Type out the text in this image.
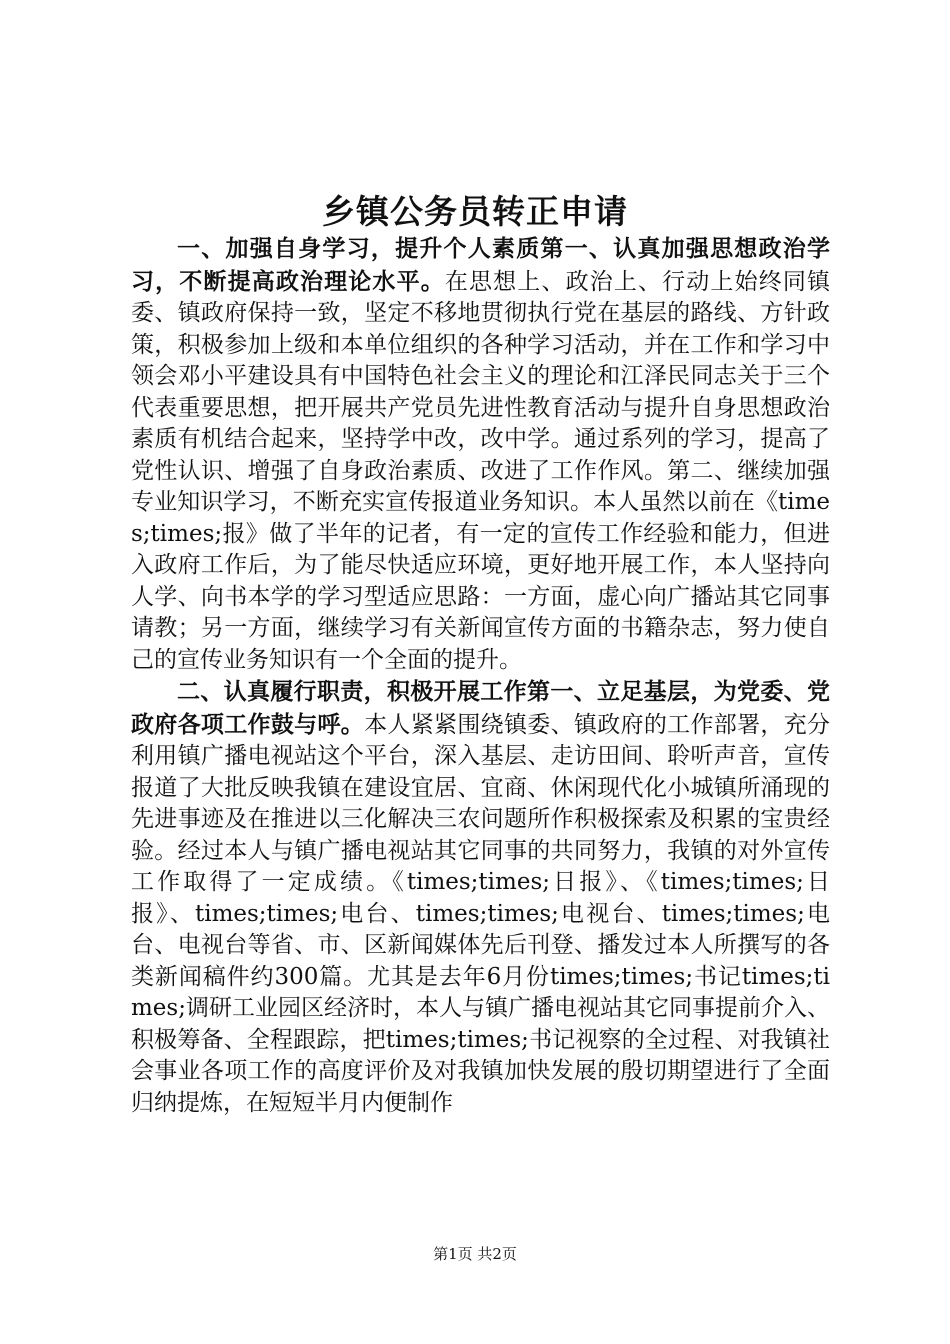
乡镇公务员转正申请

一、加强自身学习，提升个人素质第一、认真加强思想政治学习，不断提高政治理论水平。在思想上、政治上、行动上始终同镇委、镇政府保持一致，坚定不移地贯彻执行党在基层的路线、方针政策，积极参加上级和本单位组织的各种学习活动，并在工作和学习中领会邓小平建设具有中国特色社会主义的理论和江泽民同志关于三个代表重要思想，把开展共产党员先进性教育活动与提升自身思想政治素质有机结合起来，坚持学中改，改中学。通过系列的学习，提高了党性认识、增强了自身政治素质、改进了工作作风。第二、继续加强专业知识学习，不断充实宣传报道业务知识。本人虽然以前在《times;times;报》做了半年的记者，有一定的宣传工作经验和能力，但进入政府工作后，为了能尽快适应环境，更好地开展工作，本人坚持向人学、向书本学的学习型适应思路：一方面，虚心向广播站其它同事请教；另一方面，继续学习有关新闻宣传方面的书籍杂志，努力使自己的宣传业务知识有一个全面的提升。

二、认真履行职责，积极开展工作第一、立足基层，为党委、党政府各项工作鼓与呼。本人紧紧围绕镇委、镇政府的工作部署，充分利用镇广播电视站这个平台，深入基层、走访田间、聆听声音，宣传报道了大批反映我镇在建设宜居、宜商、休闲现代化小城镇所涌现的先进事迹及在推进以三化解决三农问题所作积极探索及积累的宝贵经验。经过本人与镇广播电视站其它同事的共同努力，我镇的对外宣传工作取得了一定成绩。《times;times;日报》、《times;times;日报》、times;times;电台、times;times;电视台、times;times;电台、电视台等省、市、区新闻媒体先后刊登、播发过本人所撰写的各类新闻稿件约300篇。尤其是去年6月份times;times;书记times;times;调研工业园区经济时，本人与镇广播电视站其它同事提前介入、积极筹备、全程跟踪，把times;times;书记视察的全过程、对我镇社会事业各项工作的高度评价及对我镇加快发展的殷切期望进行了全面归纳提炼，在短短半月内便制作

第1页 共2页
